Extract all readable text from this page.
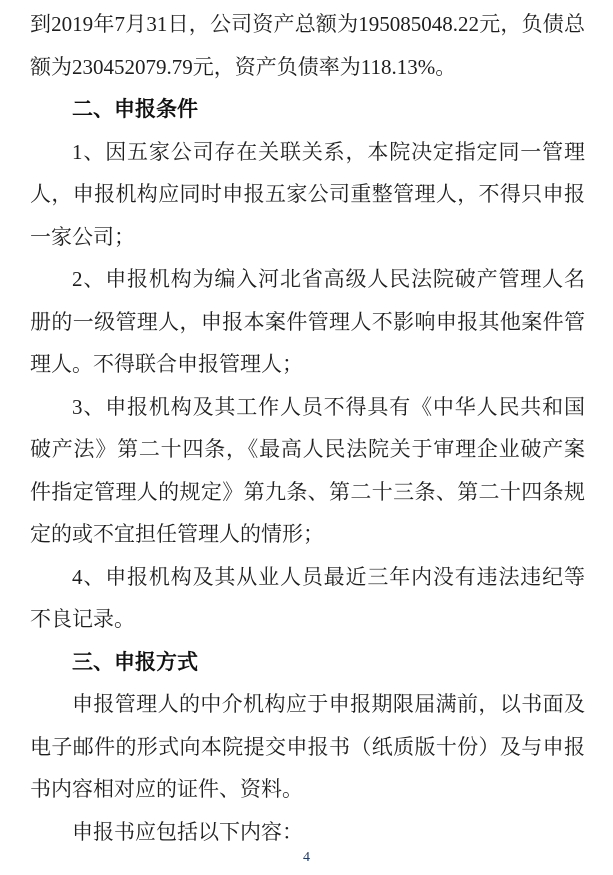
到2019年7月31日，公司资产总额为195085048.22元，负债总额为230452079.79元，资产负债率为118.13%。

二、申报条件

1、因五家公司存在关联关系，本院决定指定同一管理人，申报机构应同时申报五家公司重整管理人，不得只申报一家公司；

2、申报机构为编入河北省高级人民法院破产管理人名册的一级管理人，申报本案件管理人不影响申报其他案件管理人。不得联合申报管理人；

3、申报机构及其工作人员不得具有《中华人民共和国破产法》第二十四条，《最高人民法院关于审理企业破产案件指定管理人的规定》第九条、第二十三条、第二十四条规定的或不宜担任管理人的情形；

4、申报机构及其从业人员最近三年内没有违法违纪等不良记录。

三、申报方式

申报管理人的中介机构应于申报期限届满前，以书面及电子邮件的形式向本院提交申报书（纸质版十份）及与申报书内容相对应的证件、资料。

申报书应包括以下内容：

4
